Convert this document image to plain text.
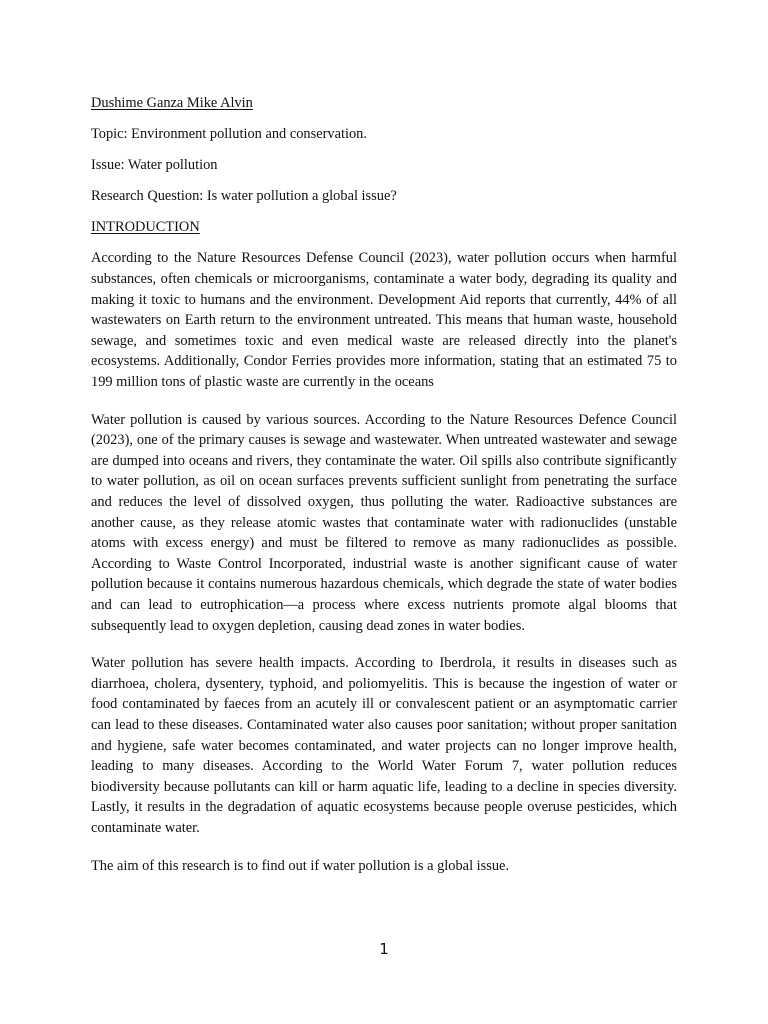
Dushime Ganza Mike Alvin
Topic: Environment pollution and conservation.
Issue: Water pollution
Research Question: Is water pollution a global issue?
INTRODUCTION

According to the Nature Resources Defense Council (2023), water pollution occurs when harmful substances, often chemicals or microorganisms, contaminate a water body, degrading its quality and making it toxic to humans and the environment. Development Aid reports that currently, 44% of all wastewaters on Earth return to the environment untreated. This means that human waste, household sewage, and sometimes toxic and even medical waste are released directly into the planet's ecosystems. Additionally, Condor Ferries provides more information, stating that an estimated 75 to 199 million tons of plastic waste are currently in the oceans

Water pollution is caused by various sources. According to the Nature Resources Defence Council (2023), one of the primary causes is sewage and wastewater. When untreated wastewater and sewage are dumped into oceans and rivers, they contaminate the water. Oil spills also contribute significantly to water pollution, as oil on ocean surfaces prevents sufficient sunlight from penetrating the surface and reduces the level of dissolved oxygen, thus polluting the water. Radioactive substances are another cause, as they release atomic wastes that contaminate water with radionuclides (unstable atoms with excess energy) and must be filtered to remove as many radionuclides as possible. According to Waste Control Incorporated, industrial waste is another significant cause of water pollution because it contains numerous hazardous chemicals, which degrade the state of water bodies and can lead to eutrophication—a process where excess nutrients promote algal blooms that subsequently lead to oxygen depletion, causing dead zones in water bodies.

Water pollution has severe health impacts. According to Iberdrola, it results in diseases such as diarrhoea, cholera, dysentery, typhoid, and poliomyelitis. This is because the ingestion of water or food contaminated by faeces from an acutely ill or convalescent patient or an asymptomatic carrier can lead to these diseases. Contaminated water also causes poor sanitation; without proper sanitation and hygiene, safe water becomes contaminated, and water projects can no longer improve health, leading to many diseases. According to the World Water Forum 7, water pollution reduces biodiversity because pollutants can kill or harm aquatic life, leading to a decline in species diversity. Lastly, it results in the degradation of aquatic ecosystems because people overuse pesticides, which contaminate water.

The aim of this research is to find out if water pollution is a global issue.

1
